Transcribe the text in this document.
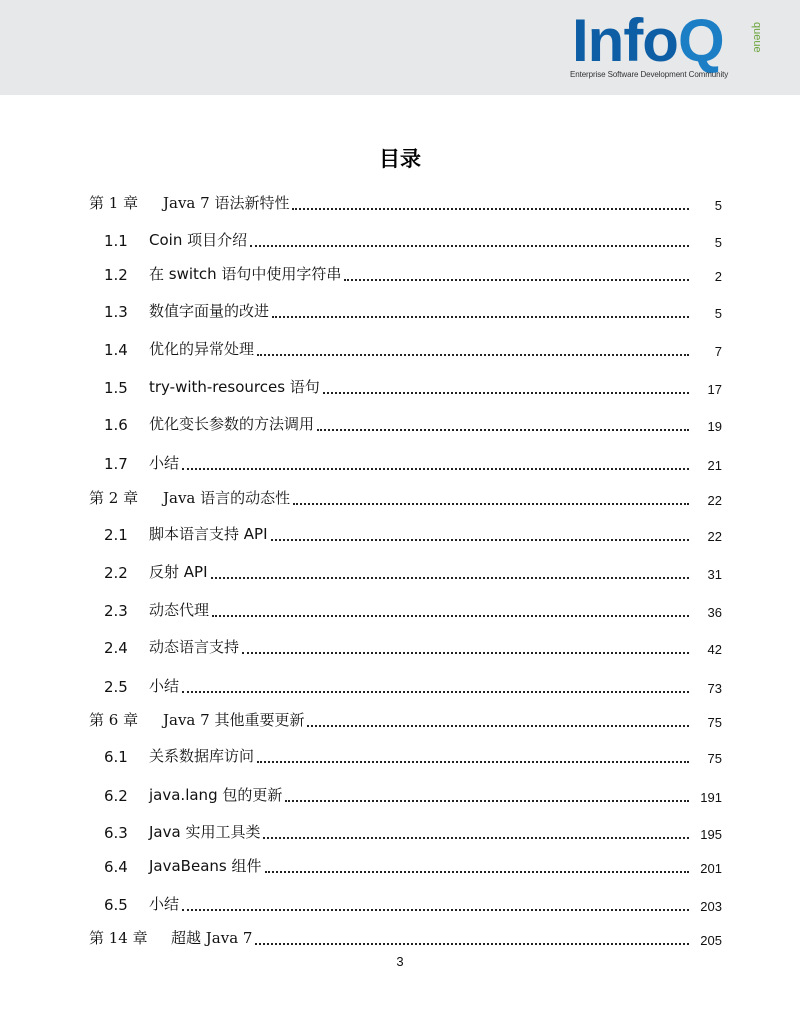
InfoQ queue
Enterprise Software Development Community
目录
第 1 章	Java 7 语法新特性	5
1.1	Coin 项目介绍	5
1.2	在 switch 语句中使用字符串	2
1.3	数值字面量的改进	5
1.4	优化的异常处理	7
1.5	try-with-resources 语句	17
1.6	优化变长参数的方法调用	19
1.7	小结	21
第 2 章	Java 语言的动态性	22
2.1	脚本语言支持 API	22
2.2	反射 API	31
2.3	动态代理	36
2.4	动态语言支持	42
2.5	小结	73
第 6 章	Java 7 其他重要更新	75
6.1	关系数据库访问	75
6.2	java.lang 包的更新	191
6.3	Java 实用工具类	195
6.4	JavaBeans 组件	201
6.5	小结	203
第 14 章	超越 Java 7	205
3
